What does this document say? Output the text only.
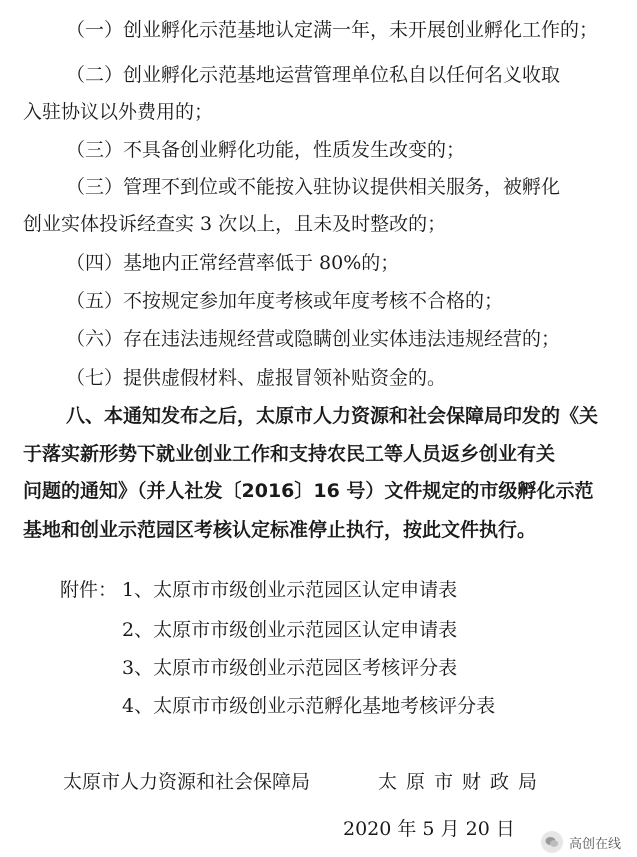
（一）创业孵化示范基地认定满一年，未开展创业孵化工作的；
（二）创业孵化示范基地运营管理单位私自以任何名义收取
入驻协议以外费用的；
（三）不具备创业孵化功能，性质发生改变的；
（三）管理不到位或不能按入驻协议提供相关服务，被孵化
创业实体投诉经查实 3 次以上，且未及时整改的；
（四）基地内正常经营率低于 80%的；
（五）不按规定参加年度考核或年度考核不合格的；
（六）存在违法违规经营或隐瞒创业实体违法违规经营的；
（七）提供虚假材料、虚报冒领补贴资金的。
八、本通知发布之后，太原市人力资源和社会保障局印发的《关
于落实新形势下就业创业工作和支持农民工等人员返乡创业有关
问题的通知》（并人社发〔2016〕16 号）文件规定的市级孵化示范
基地和创业示范园区考核认定标准停止执行，按此文件执行。
附件： 1、太原市市级创业示范园区认定申请表
2、太原市市级创业示范园区认定申请表
3、太原市市级创业示范园区考核评分表
4、太原市市级创业示范孵化基地考核评分表
太原市人力资源和社会保障局	太原市财政局
2020 年 5 月 20 日
高创在线
